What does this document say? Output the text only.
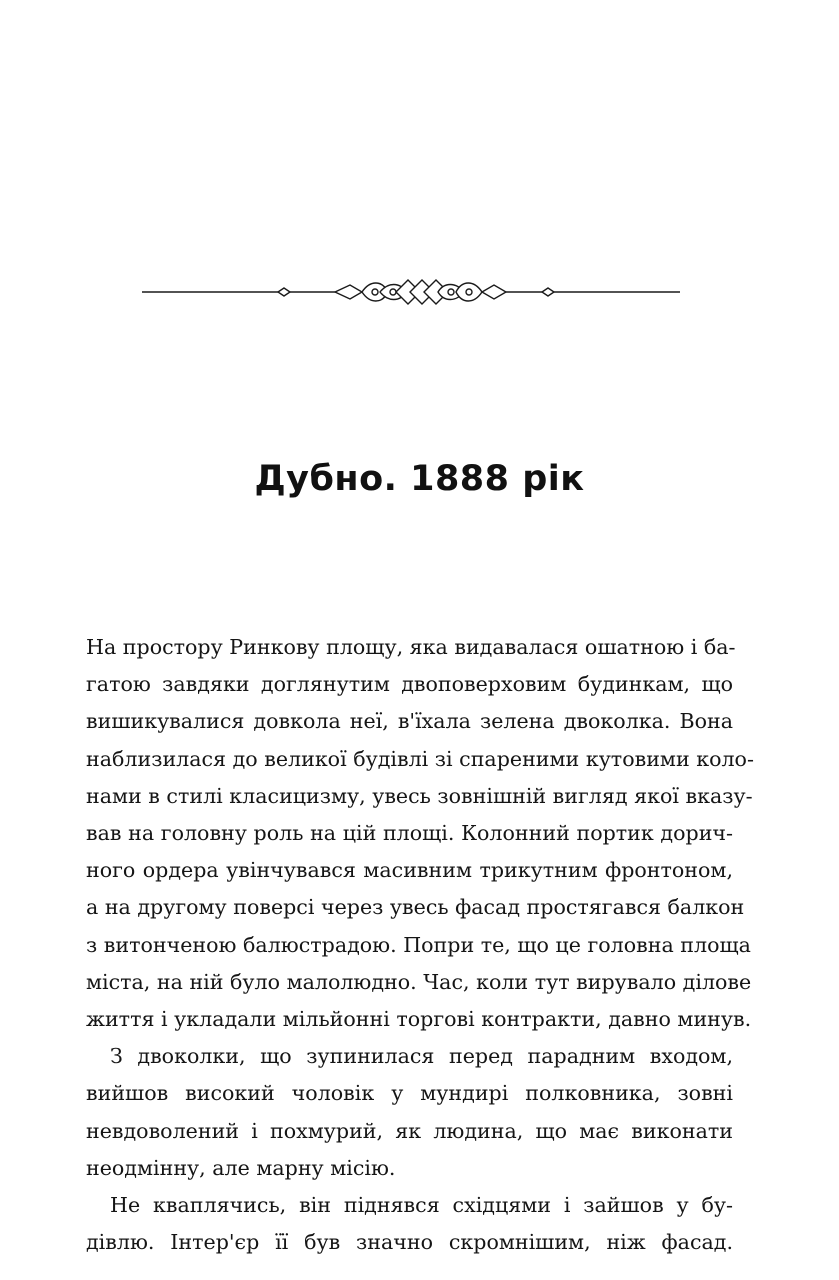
Дубно. 1888 рік

На простору Ринкову площу, яка видавалася ошатною і ба-
гатою завдяки доглянутим двоповерховим будинкам, що
вишикувалися довкола неї, в'їхала зелена двоколка. Вона
наблизилася до великої будівлі зі спареними кутовими коло-
нами в стилі класицизму, увесь зовнішній вигляд якої вказу-
вав на головну роль на цій площі. Колонний портик дорич-
ного ордера увінчувався масивним трикутним фронтоном,
а на другому поверсі через увесь фасад простягався балкон
з витонченою балюстрадою. Попри те, що це головна площа
міста, на ній було малолюдно. Час, коли тут вирувало ділове
життя і укладали мільйонні торгові контракти, давно минув.

З двоколки, що зупинилася перед парадним входом,
вийшов високий чоловік у мундирі полковника, зовні
невдоволений і похмурий, як людина, що має виконати
неодмінну, але марну місію.

Не кваплячись, він піднявся східцями і зайшов у бу-
дівлю. Інтер'єр її був значно скромнішим, ніж фасад.
